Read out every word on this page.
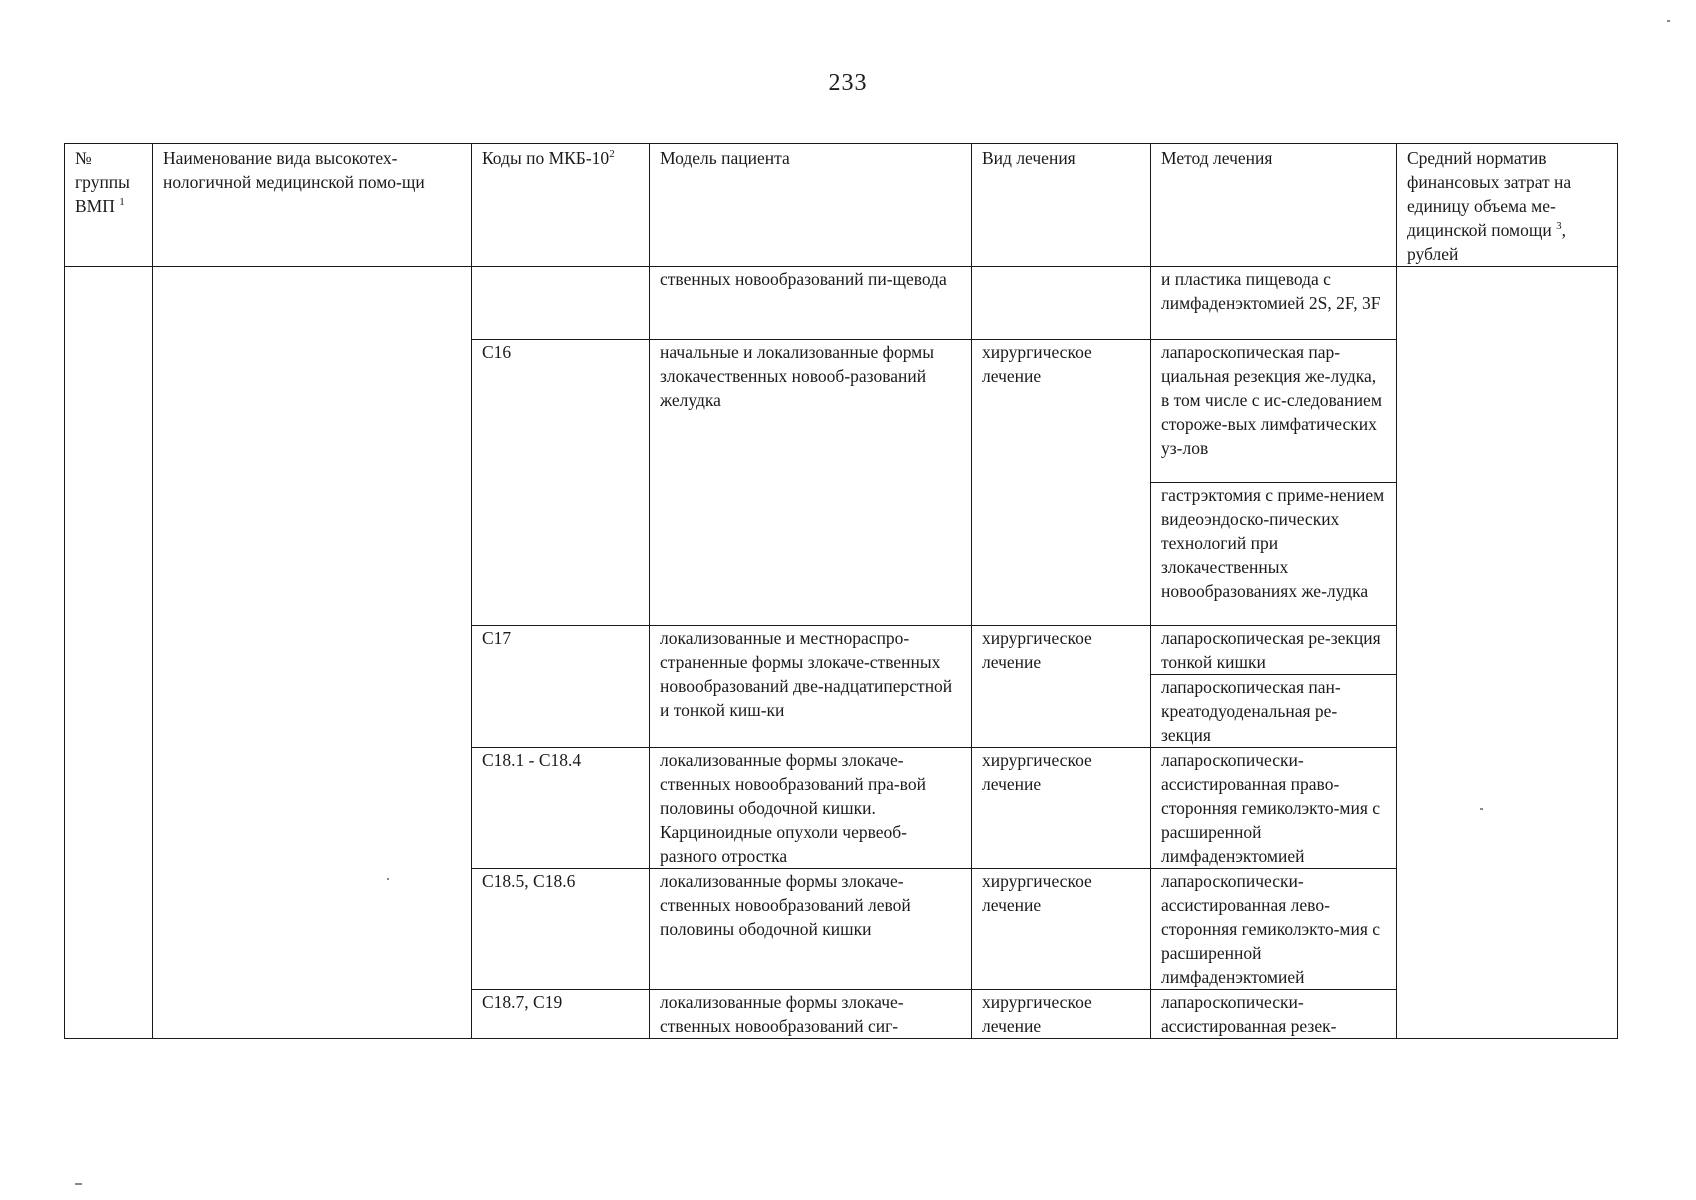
233
№ группы ВМП $^1$	Наименование вида высокотех-нологичной медицинской помо-щи	Коды по МКБ-$10^2$	Модель пациента	Вид лечения	Метод лечения	Средний норматив финансовых затрат на единицу объема ме-дицинской помощи $^3$, рублей
			ственных новообразований пи-щевода		и пластика пищевода с лимфаденэктомией 2S, 2F, 3F	
		C16	начальные и локализованные формы злокачественных новооб-разований желудка	хирургическое лечение	лапароскопическая пар-циальная резекция же-лудка, в том числе с ис-следованием стороже-вых лимфатических уз-лов	
					гастрэктомия с приме-нением видеоэндоско-пических технологий при злокачественных новообразованиях же-лудка	
		C17	локализованные и местнораспро-страненные формы злокаче-ственных новообразований две-надцатиперстной и тонкой киш-ки	хирургическое лечение	лапароскопическая ре-зекция тонкой кишки	
					лапароскопическая пан-креатодуоденальная ре-зекция	
		C18.1 - C18.4	локализованные формы злокаче-ственных новообразований пра-вой половины ободочной кишки. Карциноидные опухоли червеоб-разного отростка	хирургическое лечение	лапароскопически-ассистированная право-сторонняя гемиколэкто-мия с расширенной лимфаденэктомией	
		C18.5, C18.6	локализованные формы злокаче-ственных новообразований левой половины ободочной кишки	хирургическое лечение	лапароскопически-ассистированная лево-сторонняя гемиколэкто-мия с расширенной лимфаденэктомией	
		C18.7, C19	локализованные формы злокаче-ственных новообразований сиг-	хирургическое лечение	лапароскопически-ассистированная резек-	
